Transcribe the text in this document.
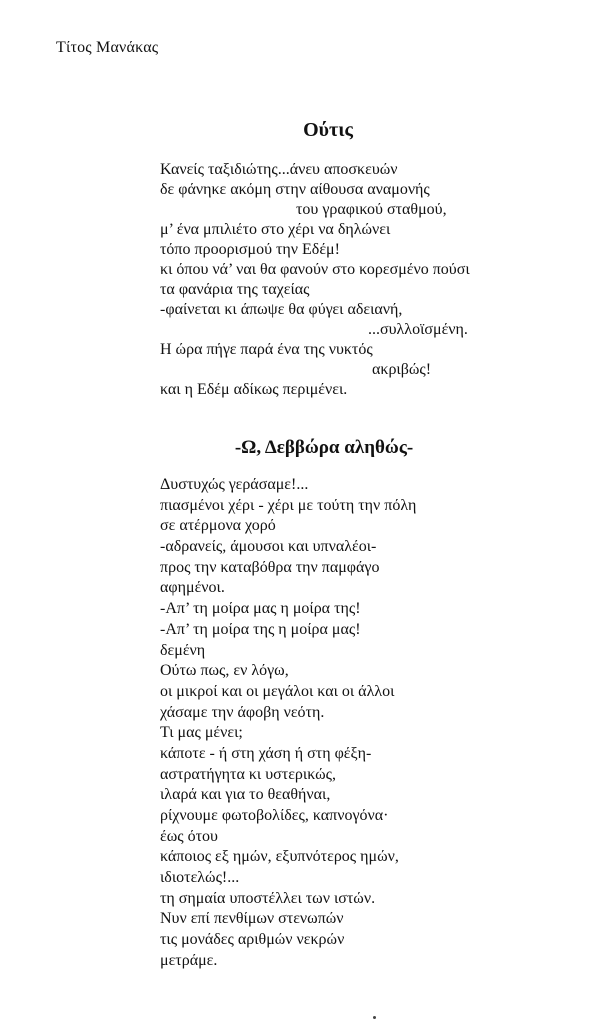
Τίτος Μανάκας
Ούτις
Κανείς ταξιδιώτης...άνευ αποσκευών
δε φάνηκε ακόμη στην αίθουσα αναμονής
του γραφικού σταθμού,
μ’ ένα μπιλιέτο στο χέρι να δηλώνει
τόπο προορισμού την Εδέμ!
κι όπου νά’ ναι θα φανούν στο κορεσμένο πούσι
τα φανάρια της ταχείας
-φαίνεται κι άπωψε θα φύγει αδειανή,
...συλλοϊσμένη.
Η ώρα πήγε παρά ένα της νυκτός
ακριβώς!
και η Εδέμ αδίκως περιμένει.
-Ω, Δεββώρα αληθώς-
Δυστυχώς γεράσαμε!...
πιασμένοι χέρι - χέρι με τούτη την πόλη
σε ατέρμονα χορό
-αδρανείς, άμουσοι και υπναλέοι-
προς την καταβόθρα την παμφάγο
αφημένοι.
-Απ’ τη μοίρα μας η μοίρα της!
-Απ’ τη μοίρα της η μοίρα μας!
δεμένη
Ούτω πως, εν λόγω,
οι μικροί και οι μεγάλοι και οι άλλοι
χάσαμε την άφοβη νεότη.
Τι μας μένει;
κάποτε - ή στη χάση ή στη φέξη-
αστρατήγητα κι υστερικώς,
ιλαρά και για το θεαθήναι,
ρίχνουμε φωτοβολίδες, καπνογόνα·
έως ότου
κάποιος εξ ημών, εξυπνότερος ημών,
ιδιοτελώς!...
τη σημαία υποστέλλει των ιστών.
Νυν επί πενθίμων στενωπών
τις μονάδες αριθμών νεκρών
μετράμε.
